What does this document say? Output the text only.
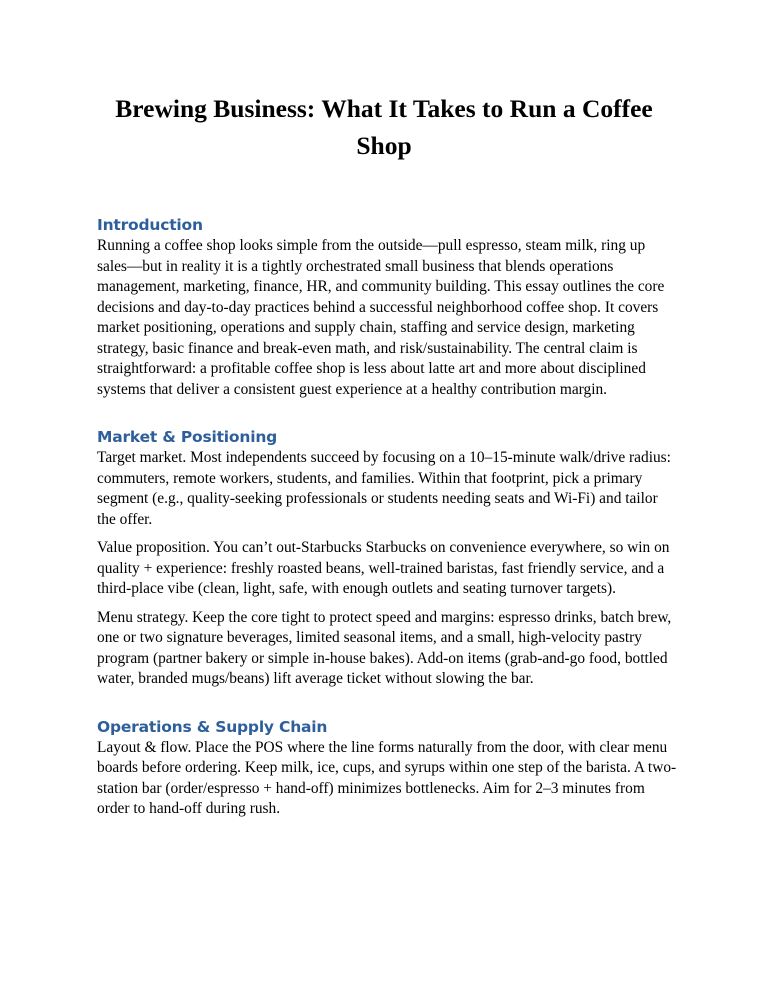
Brewing Business: What It Takes to Run a Coffee Shop
Introduction

Running a coffee shop looks simple from the outside—pull espresso, steam milk, ring up sales—but in reality it is a tightly orchestrated small business that blends operations management, marketing, finance, HR, and community building. This essay outlines the core decisions and day-to-day practices behind a successful neighborhood coffee shop. It covers market positioning, operations and supply chain, staffing and service design, marketing strategy, basic finance and break-even math, and risk/sustainability. The central claim is straightforward: a profitable coffee shop is less about latte art and more about disciplined systems that deliver a consistent guest experience at a healthy contribution margin.

Market & Positioning

Target market. Most independents succeed by focusing on a 10–15-minute walk/drive radius: commuters, remote workers, students, and families. Within that footprint, pick a primary segment (e.g., quality-seeking professionals or students needing seats and Wi-Fi) and tailor the offer.

Value proposition. You can’t out-Starbucks Starbucks on convenience everywhere, so win on quality + experience: freshly roasted beans, well-trained baristas, fast friendly service, and a third-place vibe (clean, light, safe, with enough outlets and seating turnover targets).

Menu strategy. Keep the core tight to protect speed and margins: espresso drinks, batch brew, one or two signature beverages, limited seasonal items, and a small, high-velocity pastry program (partner bakery or simple in-house bakes). Add-on items (grab-and-go food, bottled water, branded mugs/beans) lift average ticket without slowing the bar.

Operations & Supply Chain

Layout & flow. Place the POS where the line forms naturally from the door, with clear menu boards before ordering. Keep milk, ice, cups, and syrups within one step of the barista. A two-station bar (order/espresso + hand-off) minimizes bottlenecks. Aim for 2–3 minutes from order to hand-off during rush.
